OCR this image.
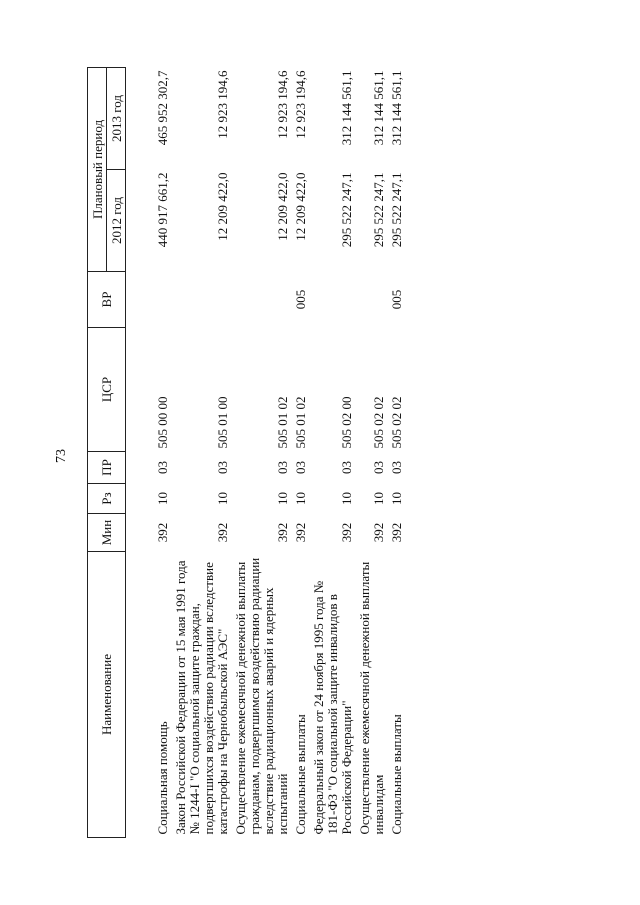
73
Наименование	Мин	Рз	ПР	ЦСР	ВР	Плановый период	
						2012 год	2013 год
Социальная помощь	392	10	03	505 00 00		440 917 661,2	465 952 302,7
Закон Российской Федерации от 15 мая 1991 года № 1244-I "О социальной защите граждан, подвергшихся воздействию радиации вследствие катастрофы на Чернобыльской АЭС"	392	10	03	505 01 00		12 209 422,0	12 923 194,6
Осуществление ежемесячной денежной выплаты гражданам, подвергшимся воздействию радиации вследствие радиационных аварий и ядерных испытаний	392	10	03	505 01 02		12 209 422,0	12 923 194,6
Социальные выплаты	392	10	03	505 01 02	005	12 209 422,0	12 923 194,6
Федеральный закон от 24 ноября 1995 года № 181-ФЗ "О социальной защите инвалидов в Российской Федерации"	392	10	03	505 02 00		295 522 247,1	312 144 561,1
Осуществление ежемесячной денежной выплаты инвалидам	392	10	03	505 02 02		295 522 247,1	312 144 561,1
Социальные выплаты	392	10	03	505 02 02	005	295 522 247,1	312 144 561,1
